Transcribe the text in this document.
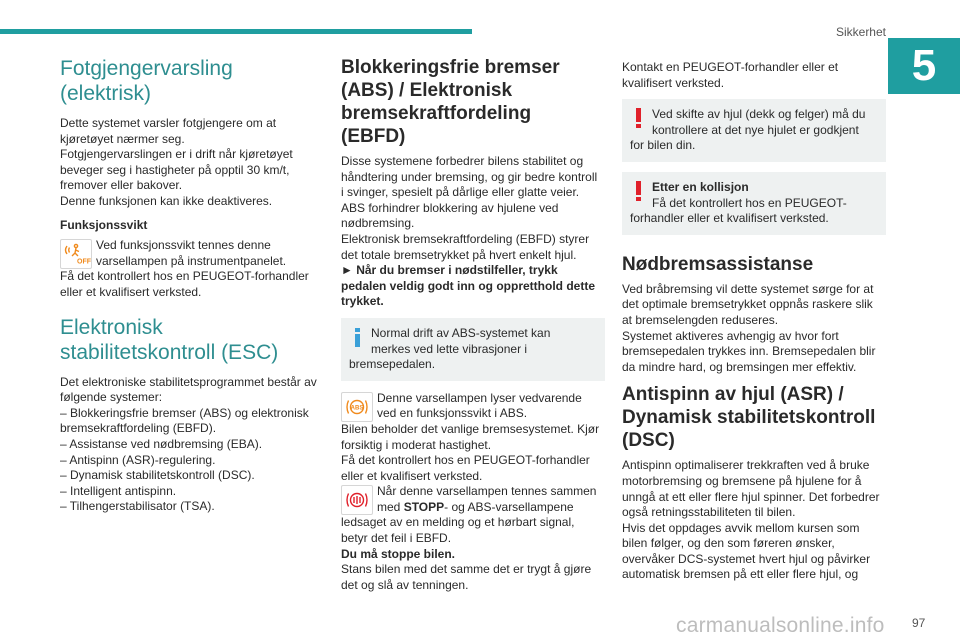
Sikkerhet
5
Fotgjengervarsling
(elektrisk)

Dette systemet varsler fotgjengere om at
kjøretøyet nærmer seg.
Fotgjengervarslingen er i drift når kjøretøyet
beveger seg i hastigheter på opptil 30 km/t,
fremover eller bakover.
Denne funksjonen kan ikke deaktiveres.

Funksjonssvikt

OFF
Ved funksjonssvikt tennes denne
varsellampen på instrumentpanelet.
Få det kontrollert hos en PEUGEOT-forhandler
eller et kvalifisert verksted.
Elektronisk
stabilitetskontroll (ESC)

Det elektroniske stabilitetsprogrammet består av
følgende systemer:
– Blokkeringsfrie bremser (ABS) og elektronisk
bremsekraftfordeling (EBFD).
– Assistanse ved nødbremsing (EBA).
– Antispinn (ASR)-regulering.
– Dynamisk stabilitetskontroll (DSC).
– Intelligent antispinn.
– Tilhengerstabilisator (TSA).

Blokkeringsfrie bremser
(ABS) / Elektronisk
bremsekraftfordeling
(EBFD)

Disse systemene forbedrer bilens stabilitet og
håndtering under bremsing, og gir bedre kontroll
i svinger, spesielt på dårlige eller glatte veier.
ABS forhindrer blokkering av hjulene ved
nødbremsing.
Elektronisk bremsekraftfordeling (EBFD) styrer
det totale bremsetrykket på hvert enkelt hjul.

► Når du bremser i nødstilfeller, trykk
pedalen veldig godt inn og oppretthold dette
trykket.

Normal drift av ABS-systemet kan
merkes ved lette vibrasjoner i
bremsepedalen.
ABS
Denne varsellampen lyser vedvarende
ved en funksjonssvikt i ABS.
Bilen beholder det vanlige bremsesystemet. Kjør
forsiktig i moderat hastighet.
Få det kontrollert hos en PEUGEOT-forhandler
eller et kvalifisert verksted.
Når denne varsellampen tennes sammen
med STOPP- og ABS-varsellampene
ledsaget av en melding og et hørbart signal,
betyr det feil i EBFD.
Du må stoppe bilen.
Stans bilen med det samme det er trygt å gjøre
det og slå av tenningen.

Kontakt en PEUGEOT-forhandler eller et
kvalifisert verksted.

Ved skifte av hjul (dekk og felger) må du
kontrollere at det nye hjulet er godkjent
for bilen din.
Etter en kollisjon
Få det kontrollert hos en PEUGEOT-
forhandler eller et kvalifisert verksted.
Nødbremsassistanse

Ved bråbremsing vil dette systemet sørge for at
det optimale bremsetrykket oppnås raskere slik
at bremselengden reduseres.
Systemet aktiveres avhengig av hvor fort
bremsepedalen trykkes inn. Bremsepedalen blir
da mindre hard, og bremsingen mer effektiv.

Antispinn av hjul (ASR) /
Dynamisk stabilitetskontroll
(DSC)

Antispinn optimaliserer trekkraften ved å bruke
motorbremsing og bremsene på hjulene for å
unngå at ett eller flere hjul spinner. Det forbedrer
også retningsstabiliteten til bilen.
Hvis det oppdages avvik mellom kursen som
bilen følger, og den som føreren ønsker,
overvåker DCS-systemet hvert hjul og påvirker
automatisk bremsen på ett eller flere hjul, og

carmanualsonline.info 97
